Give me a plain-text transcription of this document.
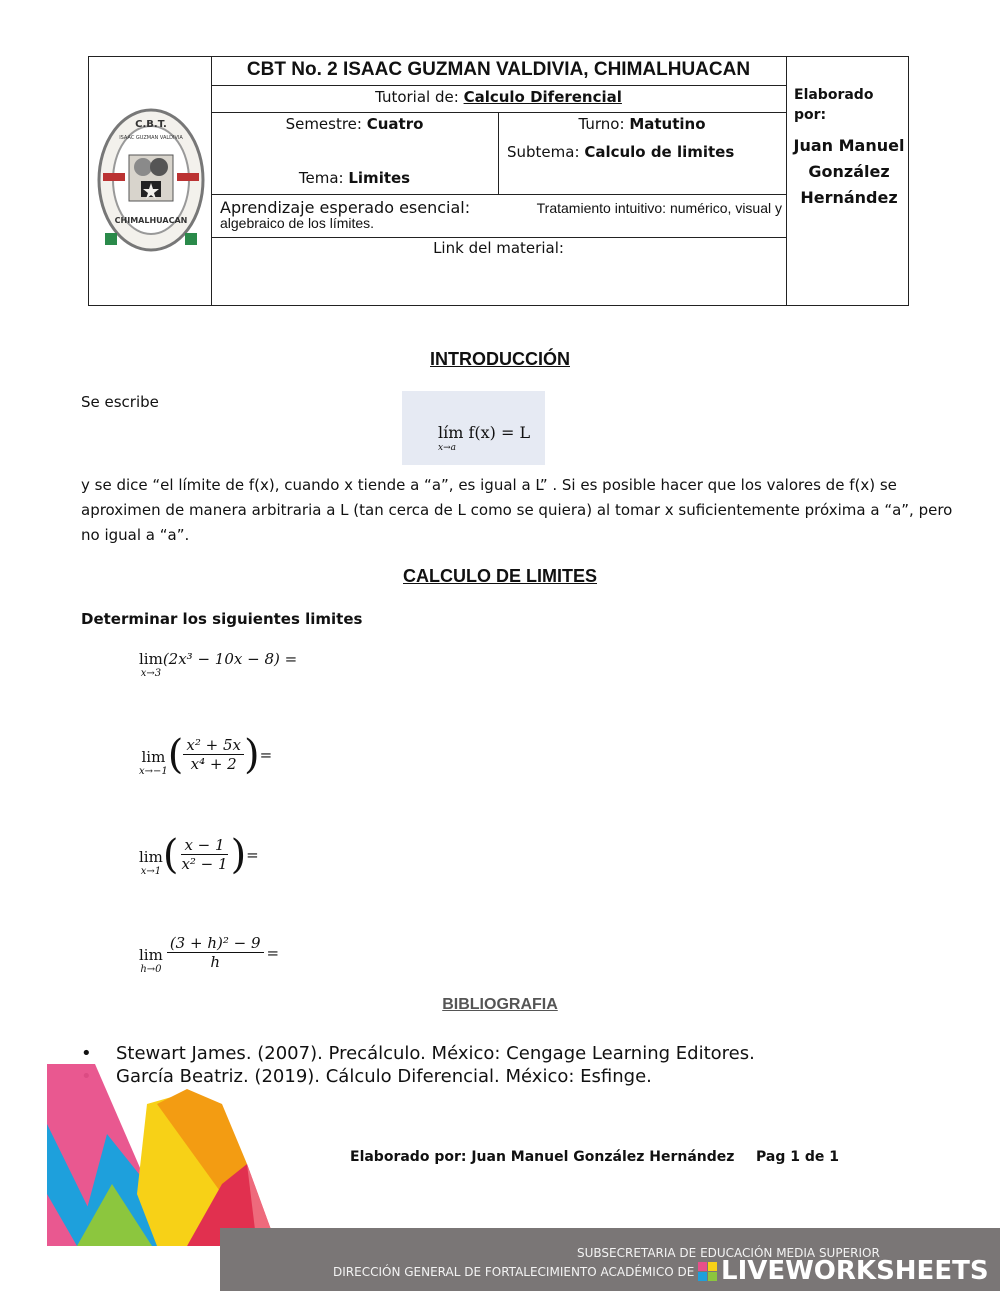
C.B.T.
ISAAC GUZMAN VALDIVIA
CHIMALHUACAN
CBT No. 2 ISAAC GUZMAN VALDIVIA, CHIMALHUACAN
Tutorial de: Calculo Diferencial
Semestre: Cuatro	Turno: Matutino
Tema: Limites
Subtema: Calculo de limites
Aprendizaje esperado esencial:	Tratamiento intuitivo: numérico, visual y
algebraico de los límites.
Link del material:
Elaborado por:
Juan Manuel
González
Hernández
INTRODUCCIÓN
Se escribe
lím f(x) = L
x→a
y se dice “el límite de f(x), cuando x tiende a “a”, es igual a L” . Si es posible hacer que los valores de f(x) se
aproximen de manera arbitraria a L (tan cerca de L como se quiera) al tomar x suficientemente próxima a “a”, pero
no igual a “a”.
CALCULO DE LIMITES
Determinar los siguientes limites
lim
x→3
(2x³ − 10x − 8) =
lim
x→−1 ( $\frac{\text{x² + 5x}}{\text{x⁴ + 2}}$ ) =
lim
x→1 ( $\frac{x - 1}{\text{x² − 1}}$ ) =
lim
$h\to 0 \frac{\text{(3 + h)² − 9}}{h}$ =
BIBLIOGRAFIA
•	Stewart James. (2007). Precálculo. México: Cengage Learning Editores.
García Beatriz. (2019). Cálculo Diferencial. México: Esfinge.
Elaborado por: Juan Manuel González Hernández Pag 1 de 1
SUBSECRETARIA DE EDUCACIÓN MEDIA SUPERIOR
DIRECCIÓN GENERAL DE FORTALECIMIENTO ACADÉMICO DE LIVEWORKSHEETS
